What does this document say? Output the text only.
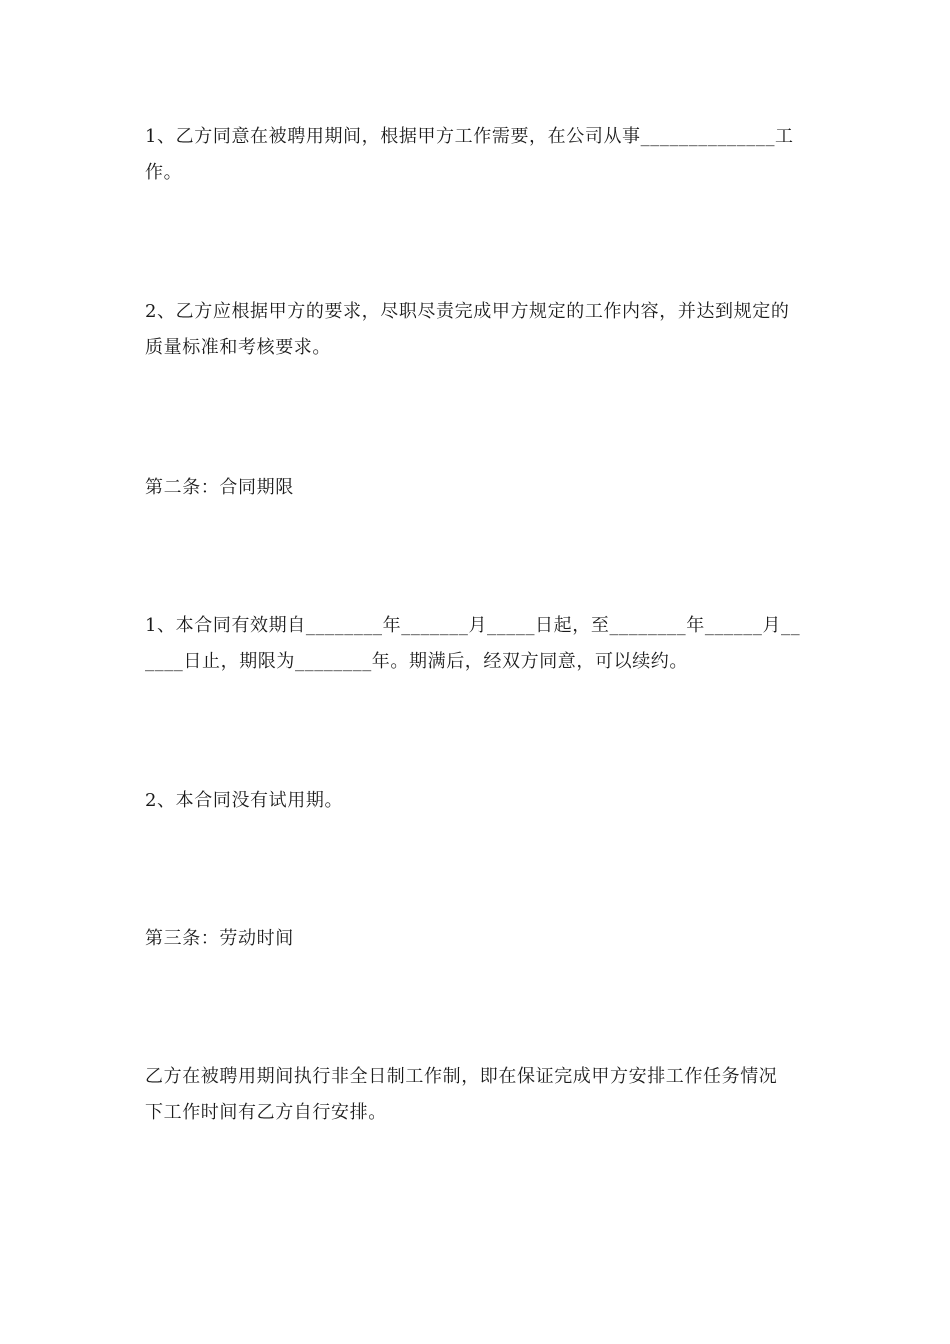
1、乙方同意在被聘用期间，根据甲方工作需要，在公司从事______________工
作。

2、乙方应根据甲方的要求，尽职尽责完成甲方规定的工作内容，并达到规定的
质量标准和考核要求。

第二条：合同期限

1、本合同有效期自________年_______月_____日起，至________年______月__
____日止，期限为________年。期满后，经双方同意，可以续约。

2、本合同没有试用期。

第三条：劳动时间

乙方在被聘用期间执行非全日制工作制，即在保证完成甲方安排工作任务情况
下工作时间有乙方自行安排。
